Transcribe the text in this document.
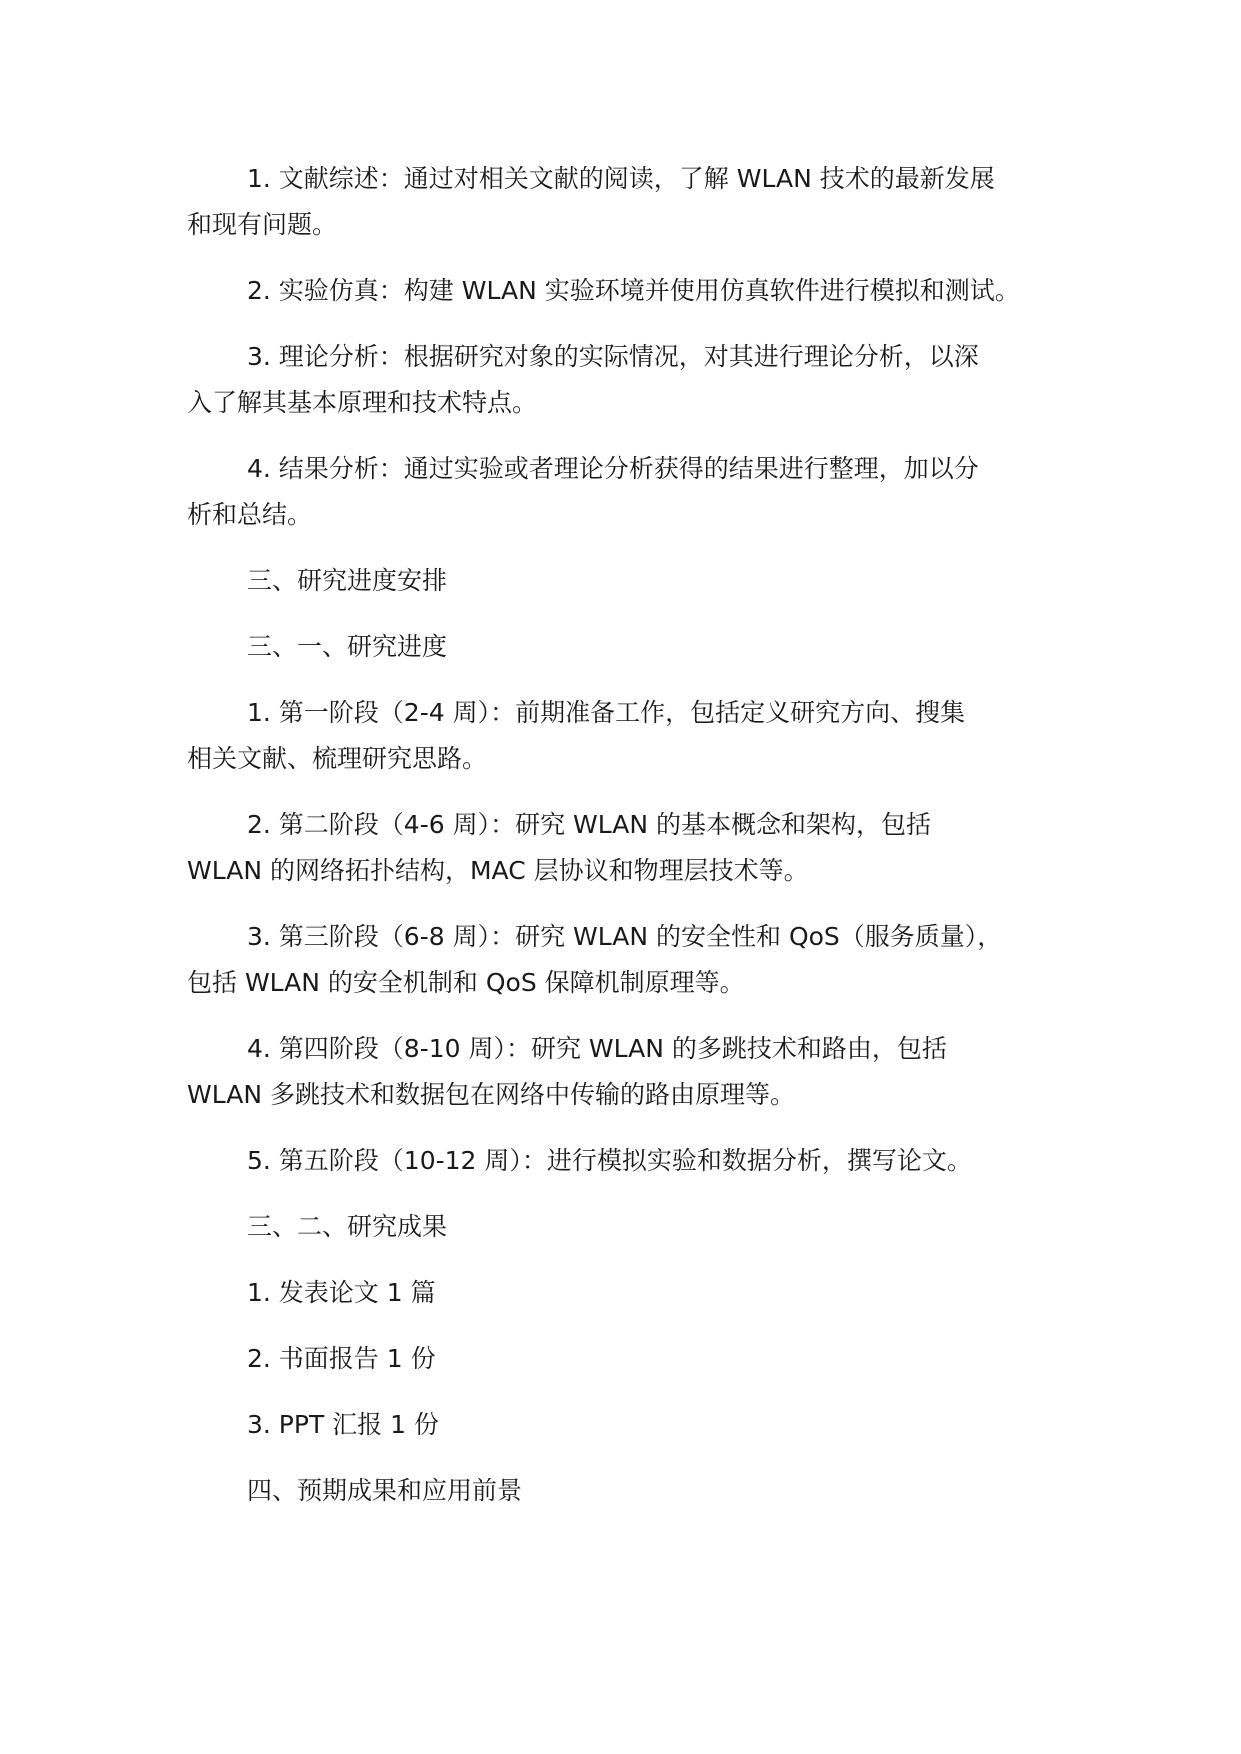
1. 文献综述：通过对相关文献的阅读，了解 WLAN 技术的最新发展
和现有问题。

2. 实验仿真：构建 WLAN 实验环境并使用仿真软件进行模拟和测试。

3. 理论分析：根据研究对象的实际情况，对其进行理论分析，以深
入了解其基本原理和技术特点。

4. 结果分析：通过实验或者理论分析获得的结果进行整理，加以分
析和总结。

三、研究进度安排

三、一、研究进度

1. 第一阶段（2-4 周）：前期准备工作，包括定义研究方向、搜集
相关文献、梳理研究思路。

2. 第二阶段（4-6 周）：研究 WLAN 的基本概念和架构，包括
WLAN 的网络拓扑结构，MAC 层协议和物理层技术等。

3. 第三阶段（6-8 周）：研究 WLAN 的安全性和 QoS（服务质量），
包括 WLAN 的安全机制和 QoS 保障机制原理等。

4. 第四阶段（8-10 周）：研究 WLAN 的多跳技术和路由，包括
WLAN 多跳技术和数据包在网络中传输的路由原理等。

5. 第五阶段（10-12 周）：进行模拟实验和数据分析，撰写论文。

三、二、研究成果

1. 发表论文 1 篇

2. 书面报告 1 份

3. PPT 汇报 1 份

四、预期成果和应用前景
